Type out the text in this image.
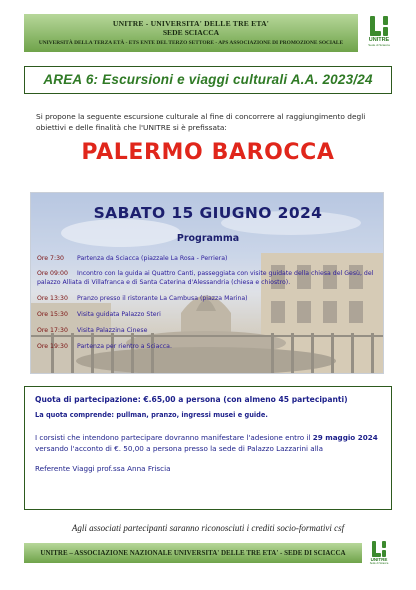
UNITRE - UNIVERSITA' DELLE TRE ETA'
SEDE SCIACCA
UNIVERSITÀ DELLA TERZA ETÀ - ETS ENTE DEL TERZO SETTORE - APS ASSOCIAZIONE DI PROMOZIONE SOCIALE	UNITRE
Sede di Sciacca
AREA 6: Escursioni e viaggi culturali A.A. 2023/24
Si propone la seguente escursione culturale al fine di concorrere al raggiungimento degli obiettivi e delle finalità che l'UNITRE si è prefissata:
PALERMO BAROCCA
SABATO 15 GIUGNO 2024
Programma
Ore 7:30 Partenza da Sciacca (piazzale La Rosa - Perriera)
Ore 09:00 Incontro con la guida ai Quattro Canti, passeggiata con visite guidate della chiesa del Gesù, del palazzo Alliata di Villafranca e di Santa Caterina d'Alessandria (chiesa e chiostro).
Ore 13:30 Pranzo presso il ristorante La Cambusa (piazza Marina)
Ore 15:30 Visita guidata Palazzo Steri
Ore 17:30 Visita Palazzina Cinese
Ore 19:30 Partenza per rientro a Sciacca.
Quota di partecipazione: €.65,00 a persona (con almeno 45 partecipanti)
La quota comprende: pullman, pranzo, ingressi musei e guide.
I corsisti che intendono partecipare dovranno manifestare l'adesione entro il 29 maggio 2024 versando l'acconto di €. 50,00 a persona presso la sede di Palazzo Lazzarini alla
Referente Viaggi prof.ssa Anna Friscia
Agli associati partecipanti saranno riconosciuti i crediti socio-formativi csf
UNITRE – ASSOCIAZIONE NAZIONALE UNIVERSITA' DELLE TRE ETA' - SEDE DI SCIACCA
UNITRE
Sede di Sciacca
